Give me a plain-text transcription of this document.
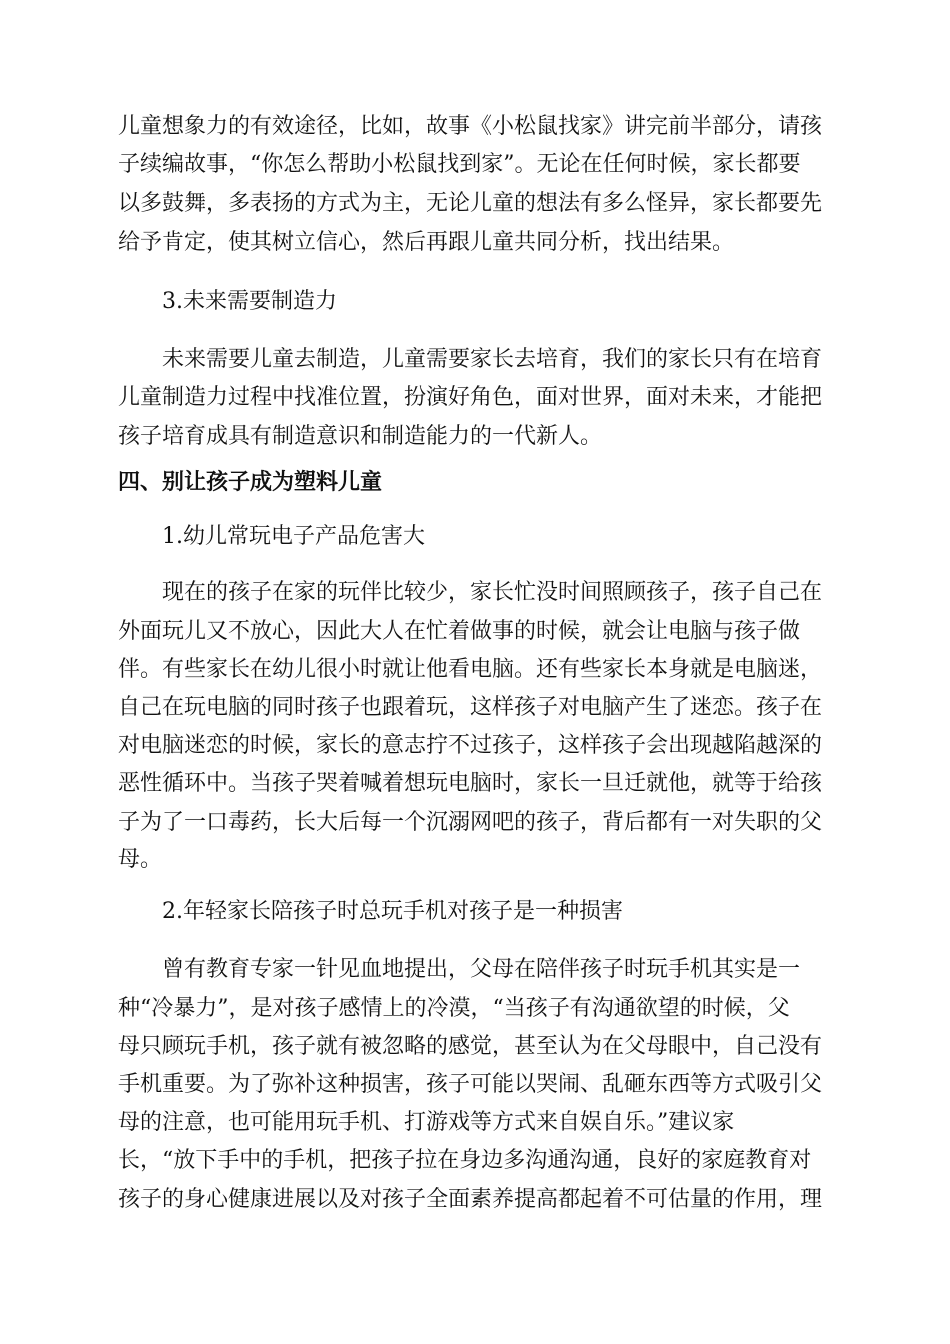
儿童想象力的有效途径，比如，故事《小松鼠找家》讲完前半部分，请孩
子续编故事，“你怎么帮助小松鼠找到家”。无论在任何时候，家长都要
以多鼓舞，多表扬的方式为主，无论儿童的想法有多么怪异，家长都要先
给予肯定，使其树立信心，然后再跟儿童共同分析，找出结果。
3.未来需要制造力
未来需要儿童去制造，儿童需要家长去培育，我们的家长只有在培育
儿童制造力过程中找准位置，扮演好角色，面对世界，面对未来，才能把
孩子培育成具有制造意识和制造能力的一代新人。
四、别让孩子成为塑料儿童
1.幼儿常玩电子产品危害大
现在的孩子在家的玩伴比较少，家长忙没时间照顾孩子，孩子自己在
外面玩儿又不放心，因此大人在忙着做事的时候，就会让电脑与孩子做
伴。有些家长在幼儿很小时就让他看电脑。还有些家长本身就是电脑迷，
自己在玩电脑的同时孩子也跟着玩，这样孩子对电脑产生了迷恋。孩子在
对电脑迷恋的时候，家长的意志拧不过孩子，这样孩子会出现越陷越深的
恶性循环中。当孩子哭着喊着想玩电脑时，家长一旦迁就他，就等于给孩
子为了一口毒药，长大后每一个沉溺网吧的孩子，背后都有一对失职的父
母。
2.年轻家长陪孩子时总玩手机对孩子是一种损害
曾有教育专家一针见血地提出，父母在陪伴孩子时玩手机其实是一
种“冷暴力”，是对孩子感情上的冷漠，“当孩子有沟通欲望的时候，父
母只顾玩手机，孩子就有被忽略的感觉，甚至认为在父母眼中，自己没有
手机重要。为了弥补这种损害，孩子可能以哭闹、乱砸东西等方式吸引父
母的注意，也可能用玩手机、打游戏等方式来自娱自乐。”建议家
长，“放下手中的手机，把孩子拉在身边多沟通沟通，良好的家庭教育对
孩子的身心健康进展以及对孩子全面素养提高都起着不可估量的作用，理
